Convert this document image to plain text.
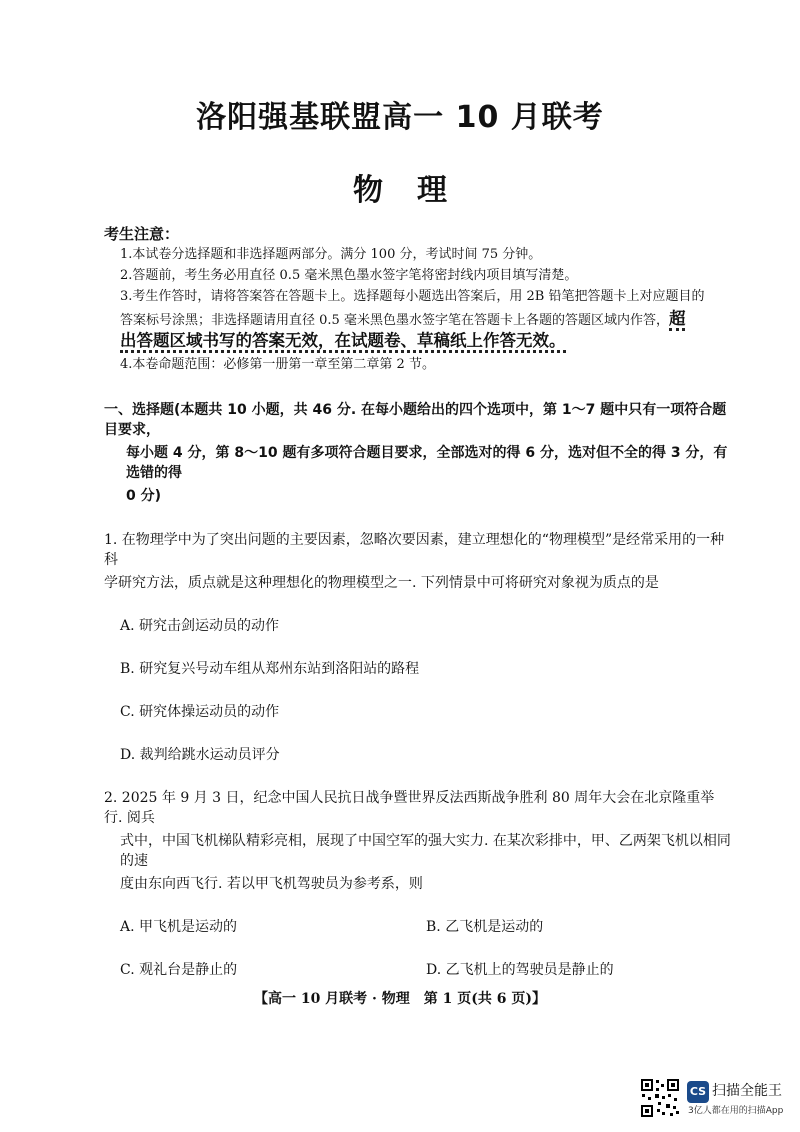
洛阳强基联盟高一 10 月联考
物理
考生注意：
1.本试卷分选择题和非选择题两部分。满分 100 分，考试时间 75 分钟。
2.答题前，考生务必用直径 0.5 毫米黑色墨水签字笔将密封线内项目填写清楚。
3.考生作答时，请将答案答在答题卡上。选择题每小题选出答案后，用 2B 铅笔把答题卡上对应题目的
答案标号涂黑；非选择题请用直径 0.5 毫米黑色墨水签字笔在答题卡上各题的答题区域内作答，超
出答题区域书写的答案无效，在试题卷、草稿纸上作答无效。
4.本卷命题范围：必修第一册第一章至第二章第 2 节。
一、选择题(本题共 10 小题，共 46 分. 在每小题给出的四个选项中，第 1～7 题中只有一项符合题目要求，
每小题 4 分，第 8～10 题有多项符合题目要求，全部选对的得 6 分，选对但不全的得 3 分，有选错的得
0 分)
1. 在物理学中为了突出问题的主要因素，忽略次要因素，建立理想化的“物理模型”是经常采用的一种科
学研究方法，质点就是这种理想化的物理模型之一. 下列情景中可将研究对象视为质点的是
A. 研究击剑运动员的动作
B. 研究复兴号动车组从郑州东站到洛阳站的路程
C. 研究体操运动员的动作
D. 裁判给跳水运动员评分
2. 2025 年 9 月 3 日，纪念中国人民抗日战争暨世界反法西斯战争胜利 80 周年大会在北京隆重举行. 阅兵
式中，中国飞机梯队精彩亮相，展现了中国空军的强大实力. 在某次彩排中，甲、乙两架飞机以相同的速
度由东向西飞行. 若以甲飞机驾驶员为参考系，则
A. 甲飞机是运动的	B. 乙飞机是运动的
C. 观礼台是静止的	D. 乙飞机上的驾驶员是静止的
【高一 10 月联考 · 物理　第 1 页(共 6 页)】
CS 扫描全能王
3亿人都在用的扫描App
